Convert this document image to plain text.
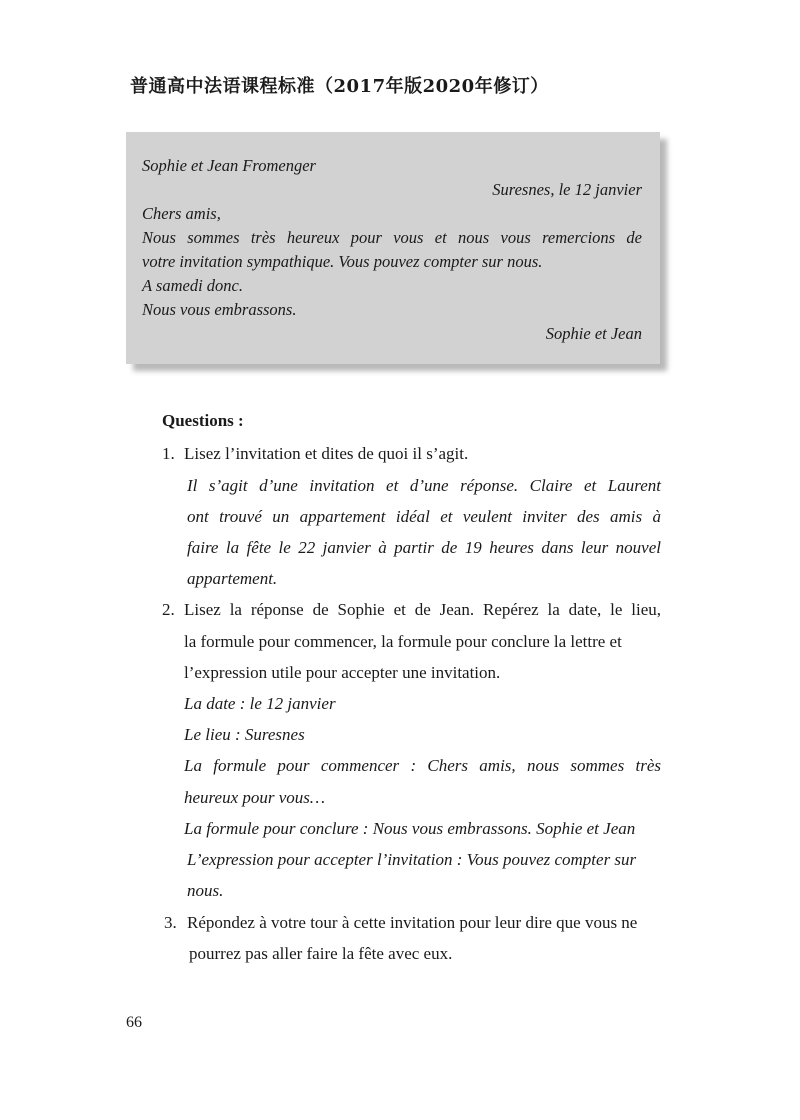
普通高中法语课程标准（2017年版2020年修订）
Sophie et Jean Fromenger
Suresnes, le 12 janvier
Chers amis,
Nous sommes très heureux pour vous et nous vous remercions de
votre invitation sympathique. Vous pouvez compter sur nous.
A samedi donc.
Nous vous embrassons.
Sophie et Jean
Questions :
1. Lisez l’invitation et dites de quoi il s’agit.
Il s’agit d’une invitation et d’une réponse. Claire et Laurent
ont trouvé un appartement idéal et veulent inviter des amis à
faire la fête le 22 janvier à partir de 19 heures dans leur nouvel
appartement.
2. Lisez la réponse de Sophie et de Jean. Repérez la date, le lieu,
la formule pour commencer, la formule pour conclure la lettre et
l’expression utile pour accepter une invitation.
La date : le 12 janvier
Le lieu : Suresnes
La formule pour commencer : Chers amis, nous sommes très
heureux pour vous…
La formule pour conclure : Nous vous embrassons. Sophie et Jean
L’expression pour accepter l’invitation : Vous pouvez compter sur
nous.
3. Répondez à votre tour à cette invitation pour leur dire que vous ne
pourrez pas aller faire la fête avec eux.
66
